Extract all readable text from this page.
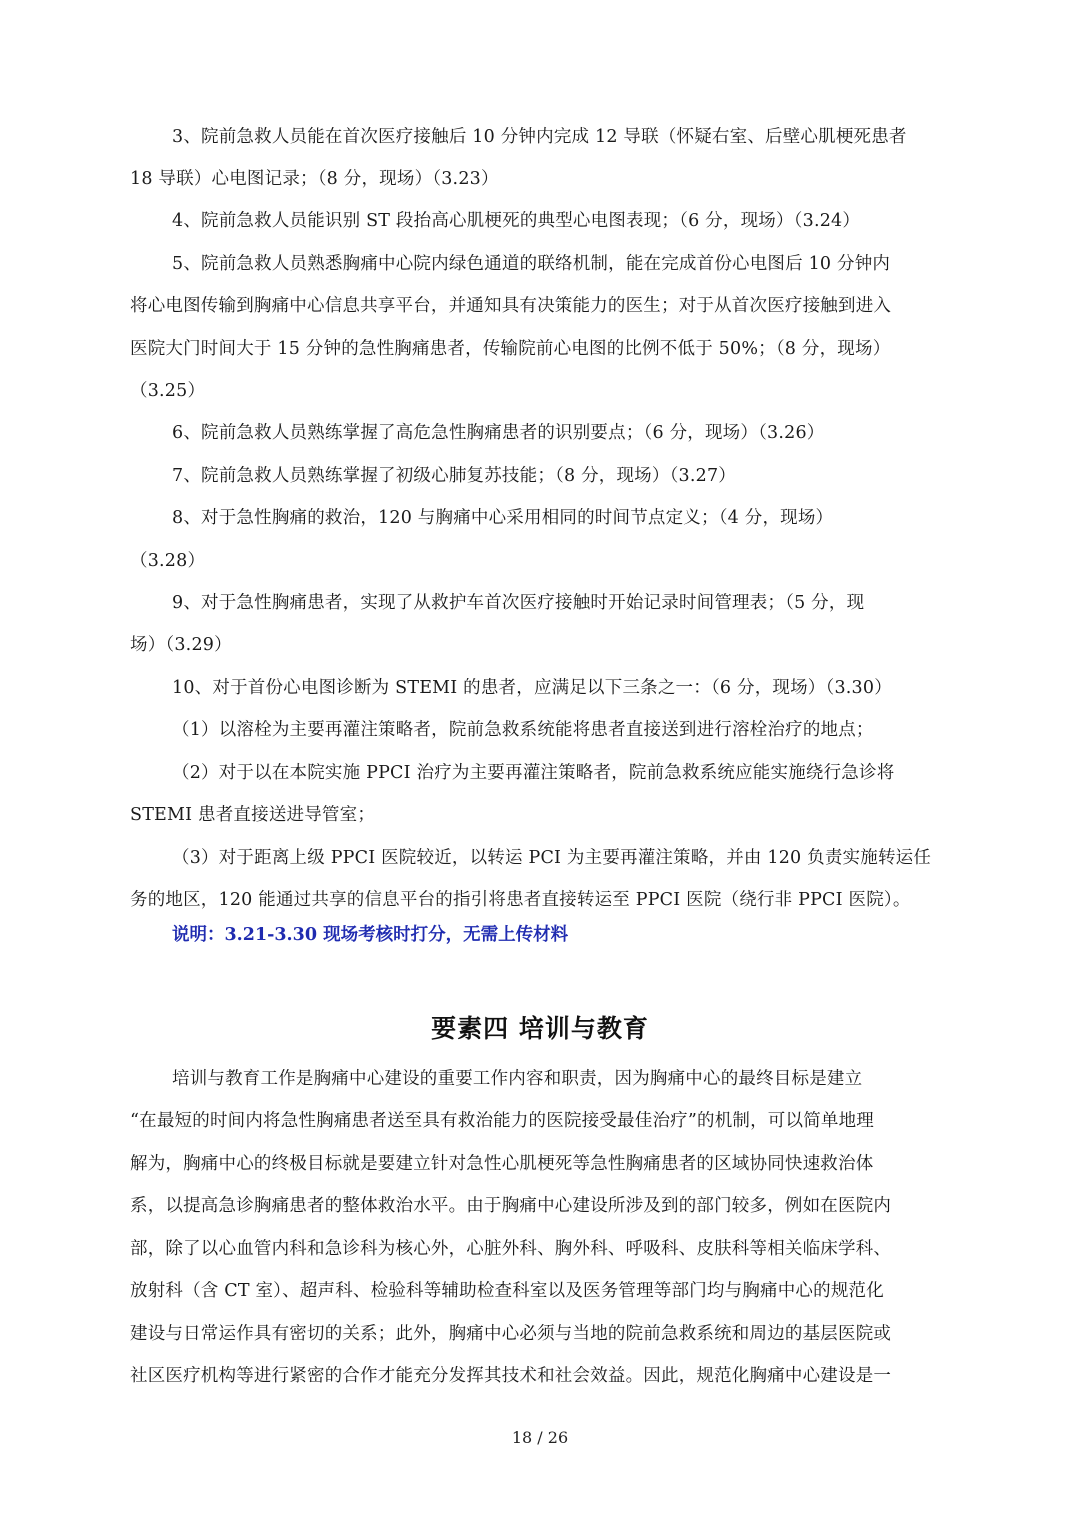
3、院前急救人员能在首次医疗接触后 10 分钟内完成 12 导联（怀疑右室、后壁心肌梗死患者

18 导联）心电图记录；（8 分，现场）（3.23）

4、院前急救人员能识别 ST 段抬高心肌梗死的典型心电图表现；（6 分，现场）（3.24）

5、院前急救人员熟悉胸痛中心院内绿色通道的联络机制，能在完成首份心电图后 10 分钟内

将心电图传输到胸痛中心信息共享平台，并通知具有决策能力的医生；对于从首次医疗接触到进入

医院大门时间大于 15 分钟的急性胸痛患者，传输院前心电图的比例不低于 50%；（8 分，现场）

（3.25）

6、院前急救人员熟练掌握了高危急性胸痛患者的识别要点；（6 分，现场）（3.26）

7、院前急救人员熟练掌握了初级心肺复苏技能；（8 分，现场）（3.27）

8、对于急性胸痛的救治，120 与胸痛中心采用相同的时间节点定义；（4 分，现场）

（3.28）

9、对于急性胸痛患者，实现了从救护车首次医疗接触时开始记录时间管理表；（5 分，现

场）（3.29）

10、对于首份心电图诊断为 STEMI 的患者，应满足以下三条之一：（6 分，现场）（3.30）

（1）以溶栓为主要再灌注策略者，院前急救系统能将患者直接送到进行溶栓治疗的地点；

（2）对于以在本院实施 PPCI 治疗为主要再灌注策略者，院前急救系统应能实施绕行急诊将

STEMI 患者直接送进导管室；

（3）对于距离上级 PPCI 医院较近，以转运 PCI 为主要再灌注策略，并由 120 负责实施转运任

务的地区，120 能通过共享的信息平台的指引将患者直接转运至 PPCI 医院（绕行非 PPCI 医院）。

说明：3.21-3.30 现场考核时打分，无需上传材料

要素四 培训与教育

培训与教育工作是胸痛中心建设的重要工作内容和职责，因为胸痛中心的最终目标是建立

“在最短的时间内将急性胸痛患者送至具有救治能力的医院接受最佳治疗”的机制，可以简单地理

解为，胸痛中心的终极目标就是要建立针对急性心肌梗死等急性胸痛患者的区域协同快速救治体

系，以提高急诊胸痛患者的整体救治水平。由于胸痛中心建设所涉及到的部门较多，例如在医院内

部，除了以心血管内科和急诊科为核心外，心脏外科、胸外科、呼吸科、皮肤科等相关临床学科、

放射科（含 CT 室）、超声科、检验科等辅助检查科室以及医务管理等部门均与胸痛中心的规范化

建设与日常运作具有密切的关系；此外，胸痛中心必须与当地的院前急救系统和周边的基层医院或

社区医疗机构等进行紧密的合作才能充分发挥其技术和社会效益。因此，规范化胸痛中心建设是一

18 / 26
